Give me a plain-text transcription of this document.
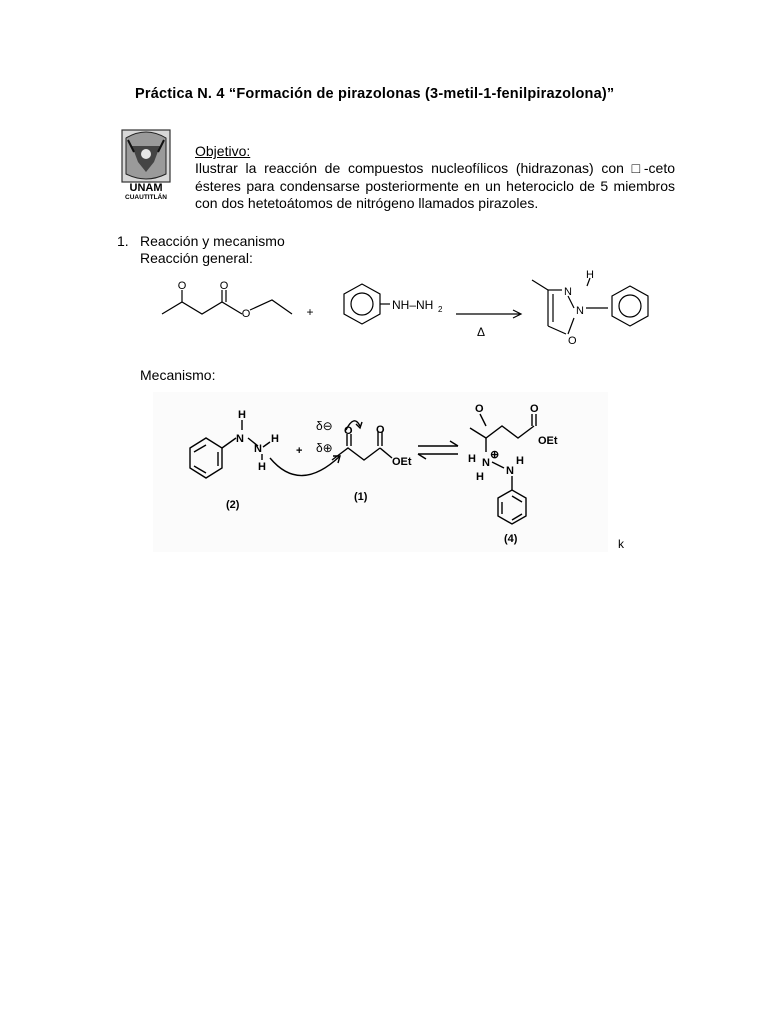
Práctica N. 4 “Formación de pirazolonas (3-metil-1-fenilpirazolona)”
UNAM
CUAUTITLÁN
Objetivo:
Ilustrar la reacción de compuestos nucleofílicos (hidrazonas) con □-ceto
ésteres para condensarse posteriormente en un heterociclo de 5 miembros
con dos hetetoátomos de nitrógeno llamados pirazoles.
1. Reacción y mecanismo
Reacción general:
O	O
O	+	NH–NH 2
Δ
H
N
N
O
Mecanismo:
H
N
N
H
H
(2)
+
δ⊖
δ⊕
O O
OEt
(1)
O	O
OEt
H N
⊕
H N
H
(4)	k
